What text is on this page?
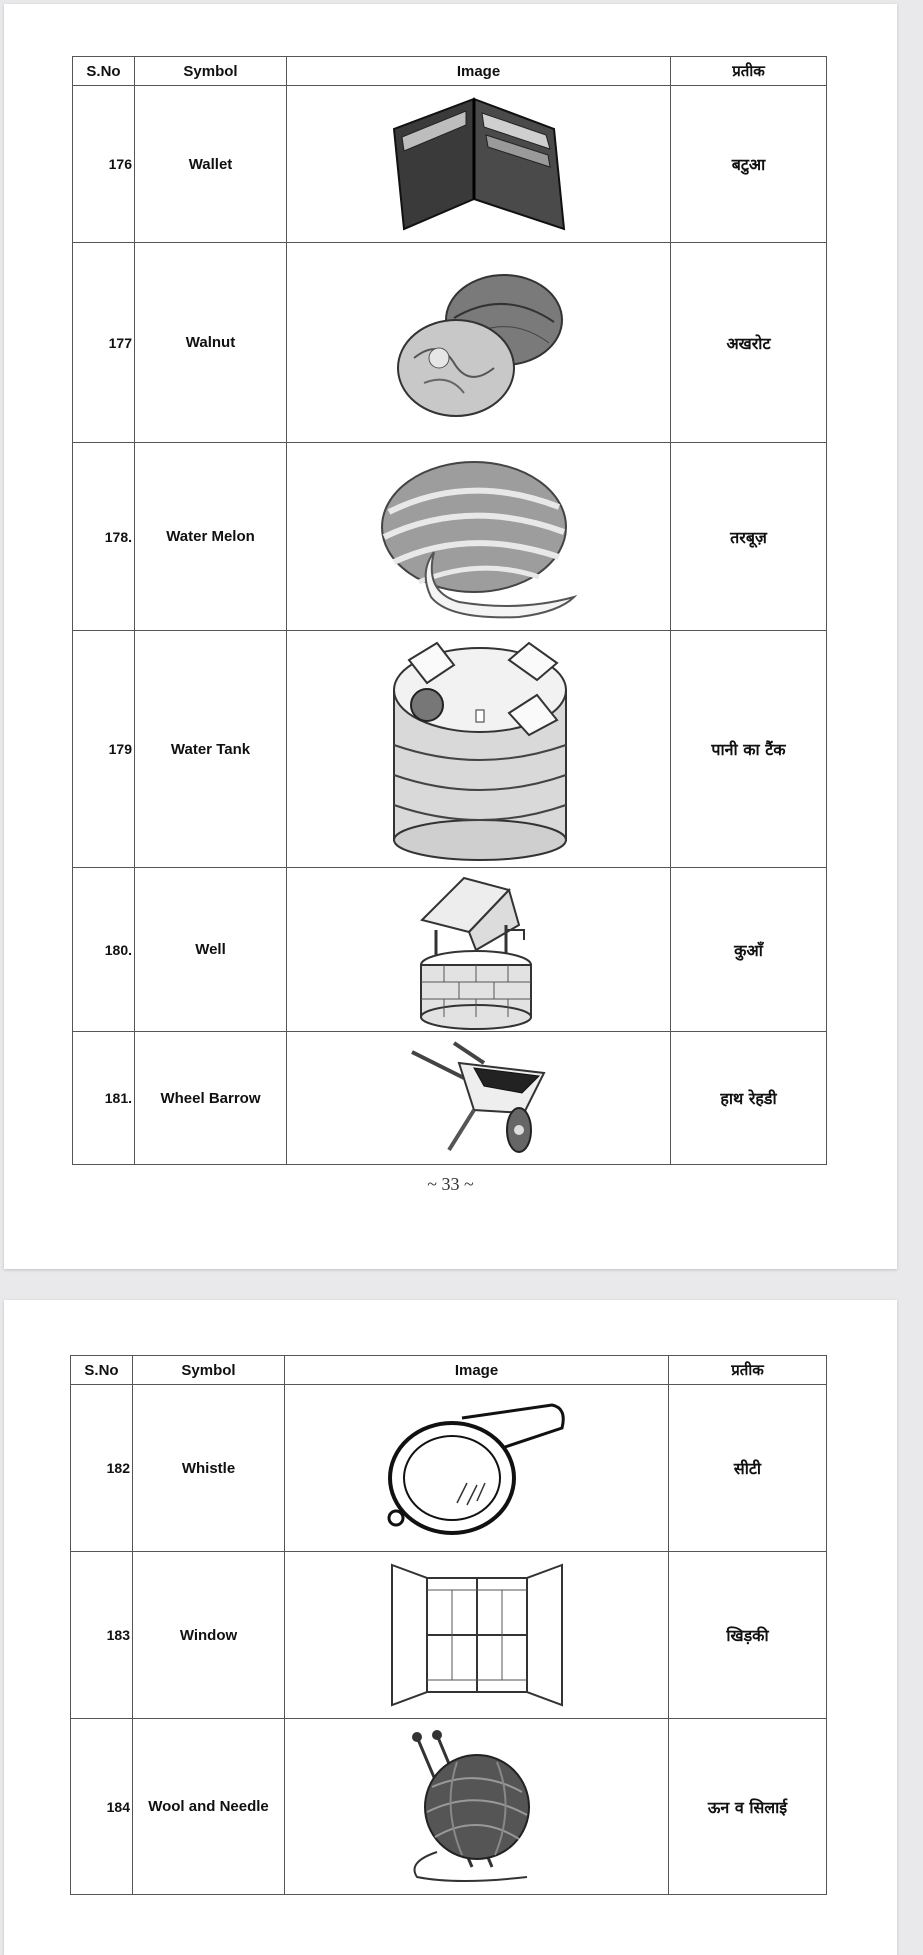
S.No	Symbol	Image	प्रतीक
176	Wallet		बटुआ
177	Walnut		अखरोट
178.	Water Melon		तरबूज़
179	Water Tank		पानी का टैंक
180.	Well		कुआँ
181.	Wheel Barrow		हाथ रेहडी
~ 33 ~
S.No	Symbol	Image	प्रतीक
182	Whistle		सीटी
183	Window		खिड़की
184	Wool and Needle		ऊन व सिलाई
